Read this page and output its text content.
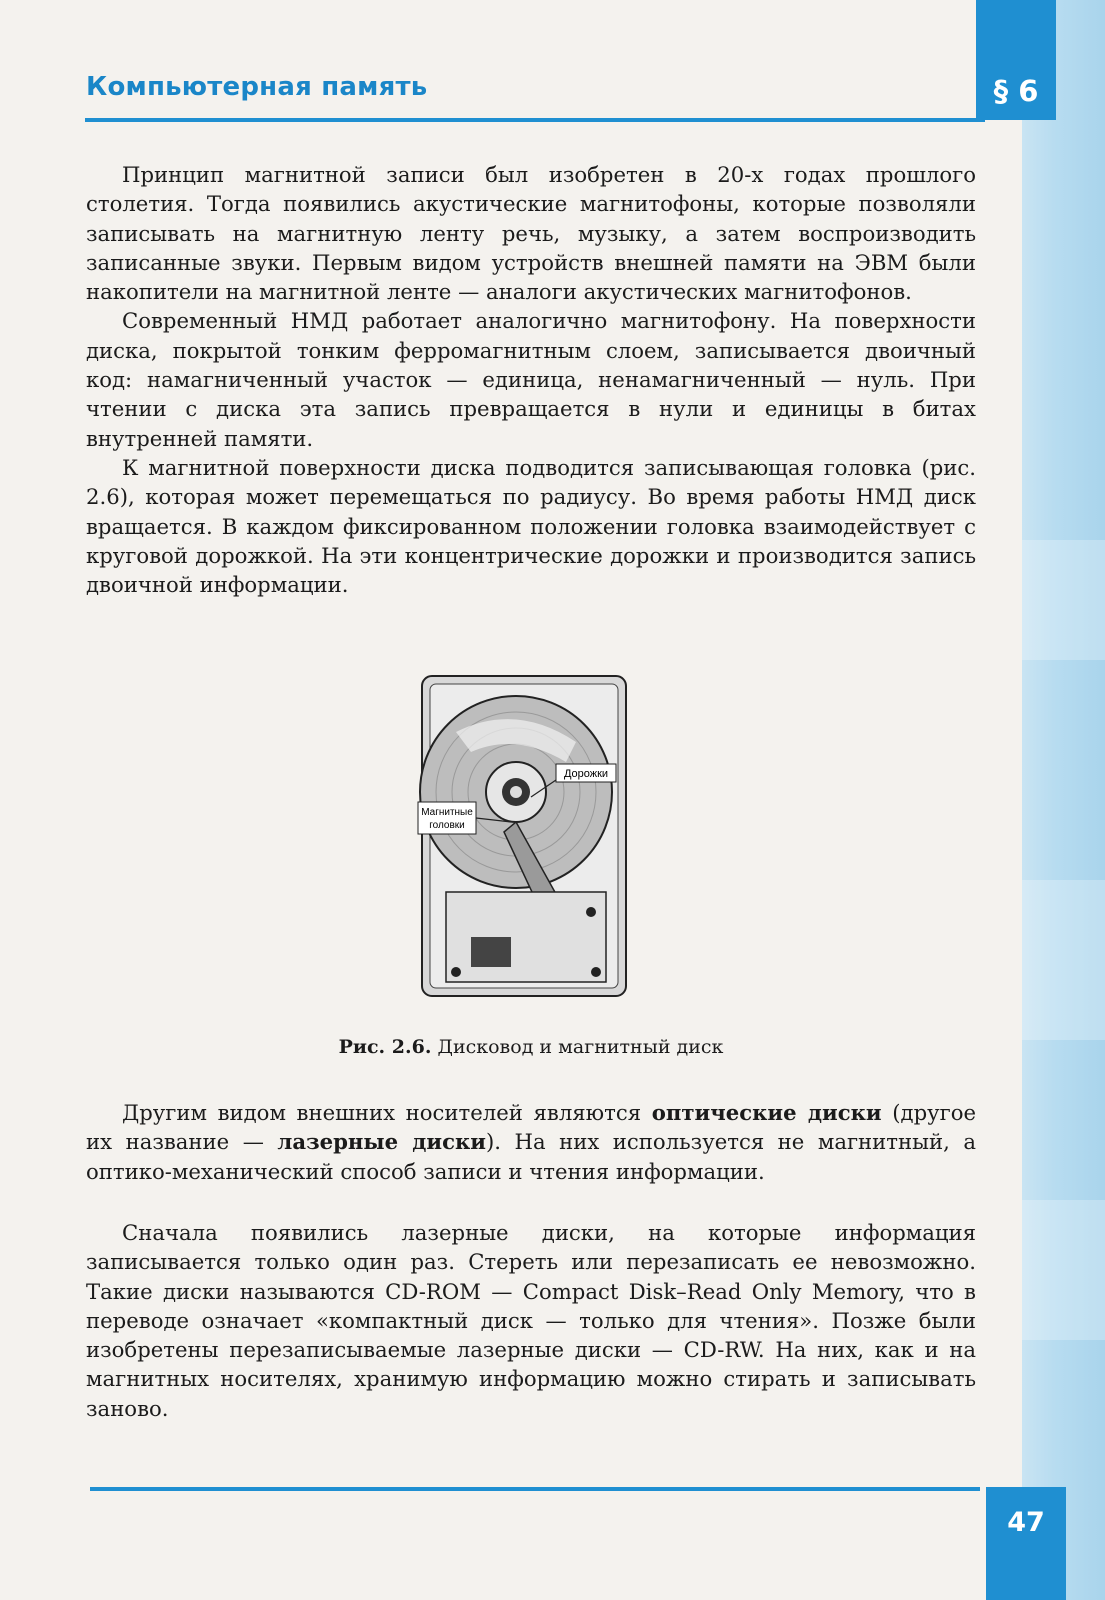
§ 6
Компьютерная память

Принцип магнитной записи был изобретен в 20-х годах прошлого столетия. Тогда появились акустические магнитофоны, которые позволяли записывать на магнитную ленту речь, музыку, а затем воспроизводить записанные звуки. Первым видом устройств внешней памяти на ЭВМ были накопители на магнитной ленте — аналоги акустических магнитофонов.

Современный НМД работает аналогично магнитофону. На поверхности диска, покрытой тонким ферромагнитным слоем, записывается двоичный код: намагниченный участок — единица, ненамагниченный — нуль. При чтении с диска эта запись превращается в нули и единицы в битах внутренней памяти.

К магнитной поверхности диска подводится записывающая головка (рис. 2.6), которая может перемещаться по радиусу. Во время работы НМД диск вращается. В каждом фиксированном положении головка взаимодействует с круговой дорожкой. На эти концентрические дорожки и производится запись двоичной информации.

Дорожки
Магнитные
головки
Рис. 2.6. Дисковод и магнитный диск

Другим видом внешних носителей являются оптические диски (другое их название — лазерные диски). На них используется не магнитный, а оптико-механический способ записи и чтения информации.

Сначала появились лазерные диски, на которые информация записывается только один раз. Стереть или перезаписать ее невозможно. Такие диски называются CD-ROM — Compact Disk–Read Only Memory, что в переводе означает «компактный диск — только для чтения». Позже были изобретены перезаписываемые лазерные диски — CD-RW. На них, как и на магнитных носителях, хранимую информацию можно стирать и записывать заново.

47
